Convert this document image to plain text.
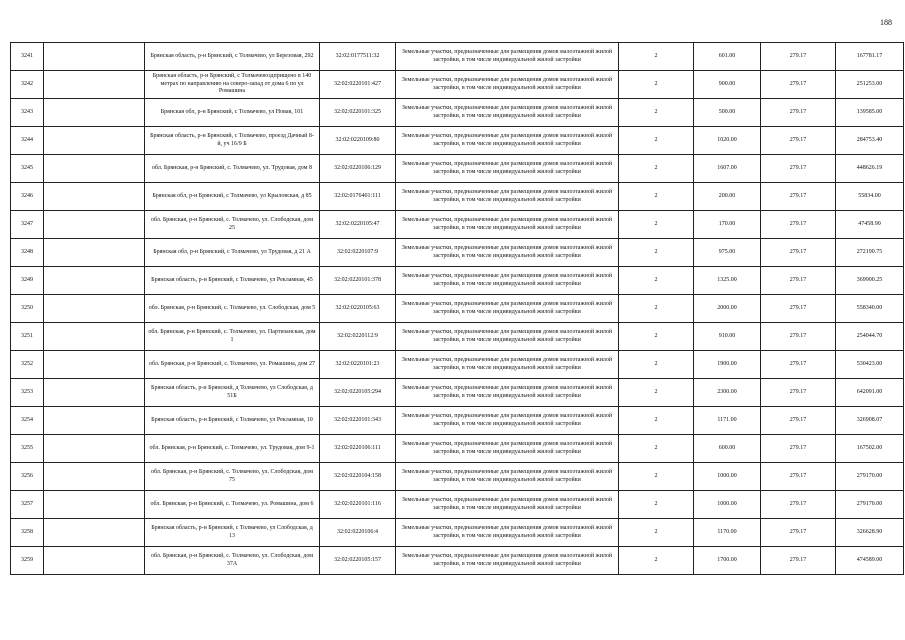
188
3241		Брянская область, р-н Брянский, с Толмачево, ул Березовая, 292	32:02:0177511:32	Земельные участки, предназначенные для размещения домов малоэтажной жилой застройки, в том числе индивидуальной жилой застройки	2	601.00	279.17	167781.17
3242		Брянская область, р-н Брянский, с Толмачевоздприщено в 140 метрах по направлению на северо-запад от дома 6 по ул Ромашина	32:02:0220101:427	Земельные участки, предназначенные для размещения домов малоэтажной жилой застройки, в том числе индивидуальной жилой застройки	2	900.00	279.17	251253.00
3243		Брянская обл, р-н Брянский, с Толмачево, ул Новая, 101	32:02:0220101:325	Земельные участки, предназначенные для размещения домов малоэтажной жилой застройки, в том числе индивидуальной жилой застройки	2	500.00	279.17	139585.00
3244		Брянская область, р-н Брянский, с Толмачево, проезд Дачный 8-й, уч 16/9 Б	32:02:0220109:80	Земельные участки, предназначенные для размещения домов малоэтажной жилой застройки, в том числе индивидуальной жилой застройки	2	1020.00	279.17	284753.40
3245		обл. Брянская, р-н Брянский, с. Толмачево, ул. Трудовая, дом 8	32:02:0220106:129	Земельные участки, предназначенные для размещения домов малоэтажной жилой застройки, в том числе индивидуальной жилой застройки	2	1607.00	279.17	448626.19
3246		Брянская обл, р-н Брянский, с Толмачево, ул Крыловская, д 85	32:02:0176401:111	Земельные участки, предназначенные для размещения домов малоэтажной жилой застройки, в том числе индивидуальной жилой застройки	2	200.00	279.17	55834.00
3247		обл. Брянская, р-н Брянский, с. Толмачево, ул. Слободская, дом 25	32:02:0220105:47	Земельные участки, предназначенные для размещения домов малоэтажной жилой застройки, в том числе индивидуальной жилой застройки	2	170.00	279.17	47458.90
3248		Брянская обл, р-н Брянский, с Толмачево, ул Трудовая, д 21 А	32:02:0220107:9	Земельные участки, предназначенные для размещения домов малоэтажной жилой застройки, в том числе индивидуальной жилой застройки	2	975.00	279.17	272190.75
3249		Брянская область, р-н Брянский, с Толмачево, ул Рекламная, 45	32:02:0220101:378	Земельные участки, предназначенные для размещения домов малоэтажной жилой застройки, в том числе индивидуальной жилой застройки	2	1325.00	279.17	369900.25
3250		обл. Брянская, р-н Брянский, с. Толмачево, ул. Слободская, дом 5	32:02:0220105:63	Земельные участки, предназначенные для размещения домов малоэтажной жилой застройки, в том числе индивидуальной жилой застройки	2	2000.00	279.17	558340.00
3251		обл. Брянская, р-н Брянский, с. Толмачево, ул. Партизанская, дом 1	32:02:0220112:9	Земельные участки, предназначенные для размещения домов малоэтажной жилой застройки, в том числе индивидуальной жилой застройки	2	910.00	279.17	254044.70
3252		обл. Брянская, р-н Брянский, с. Толмачево, ул. Ромашина, дом 27	32:02:0220101:23	Земельные участки, предназначенные для размещения домов малоэтажной жилой застройки, в том числе индивидуальной жилой застройки	2	1900.00	279.17	530423.00
3253		Брянская область, р-н Брянский, д Толмачево, ул Слободская, д 51Б	32:02:0220105:294	Земельные участки, предназначенные для размещения домов малоэтажной жилой застройки, в том числе индивидуальной жилой застройки	2	2300.00	279.17	642091.00
3254		Брянская область, р-н Брянский, с Толмачево, ул Рекламная, 10	32:02:0220101:343	Земельные участки, предназначенные для размещения домов малоэтажной жилой застройки, в том числе индивидуальной жилой застройки	2	1171.00	279.17	326908.07
3255		обл. Брянская, р-н Брянский, с. Толмачево, ул. Трудовая, дом 9-1	32:02:0220106:111	Земельные участки, предназначенные для размещения домов малоэтажной жилой застройки, в том числе индивидуальной жилой застройки	2	600.00	279.17	167502.00
3256		обл. Брянская, р-н Брянский, с. Толмачево, ул. Слободская, дом 75	32:02:0220104:158	Земельные участки, предназначенные для размещения домов малоэтажной жилой застройки, в том числе индивидуальной жилой застройки	2	1000.00	279.17	279170.00
3257		обл. Брянская, р-н Брянский, с. Толмачево, ул. Ромашина, дом 6	32:02:0220101:116	Земельные участки, предназначенные для размещения домов малоэтажной жилой застройки, в том числе индивидуальной жилой застройки	2	1000.00	279.17	279170.00
3258		Брянская область, р-н Брянский, с Толмачево, ул Слободская, д 13	32:02:0220106:4	Земельные участки, предназначенные для размещения домов малоэтажной жилой застройки, в том числе индивидуальной жилой застройки	2	1170.00	279.17	326628.90
3259		обл. Брянская, р-н Брянский, с. Толмачево, ул. Слободская, дом 37А	32:02:0220105:157	Земельные участки, предназначенные для размещения домов малоэтажной жилой застройки, в том числе индивидуальной жилой застройки	2	1700.00	279.17	474589.00
